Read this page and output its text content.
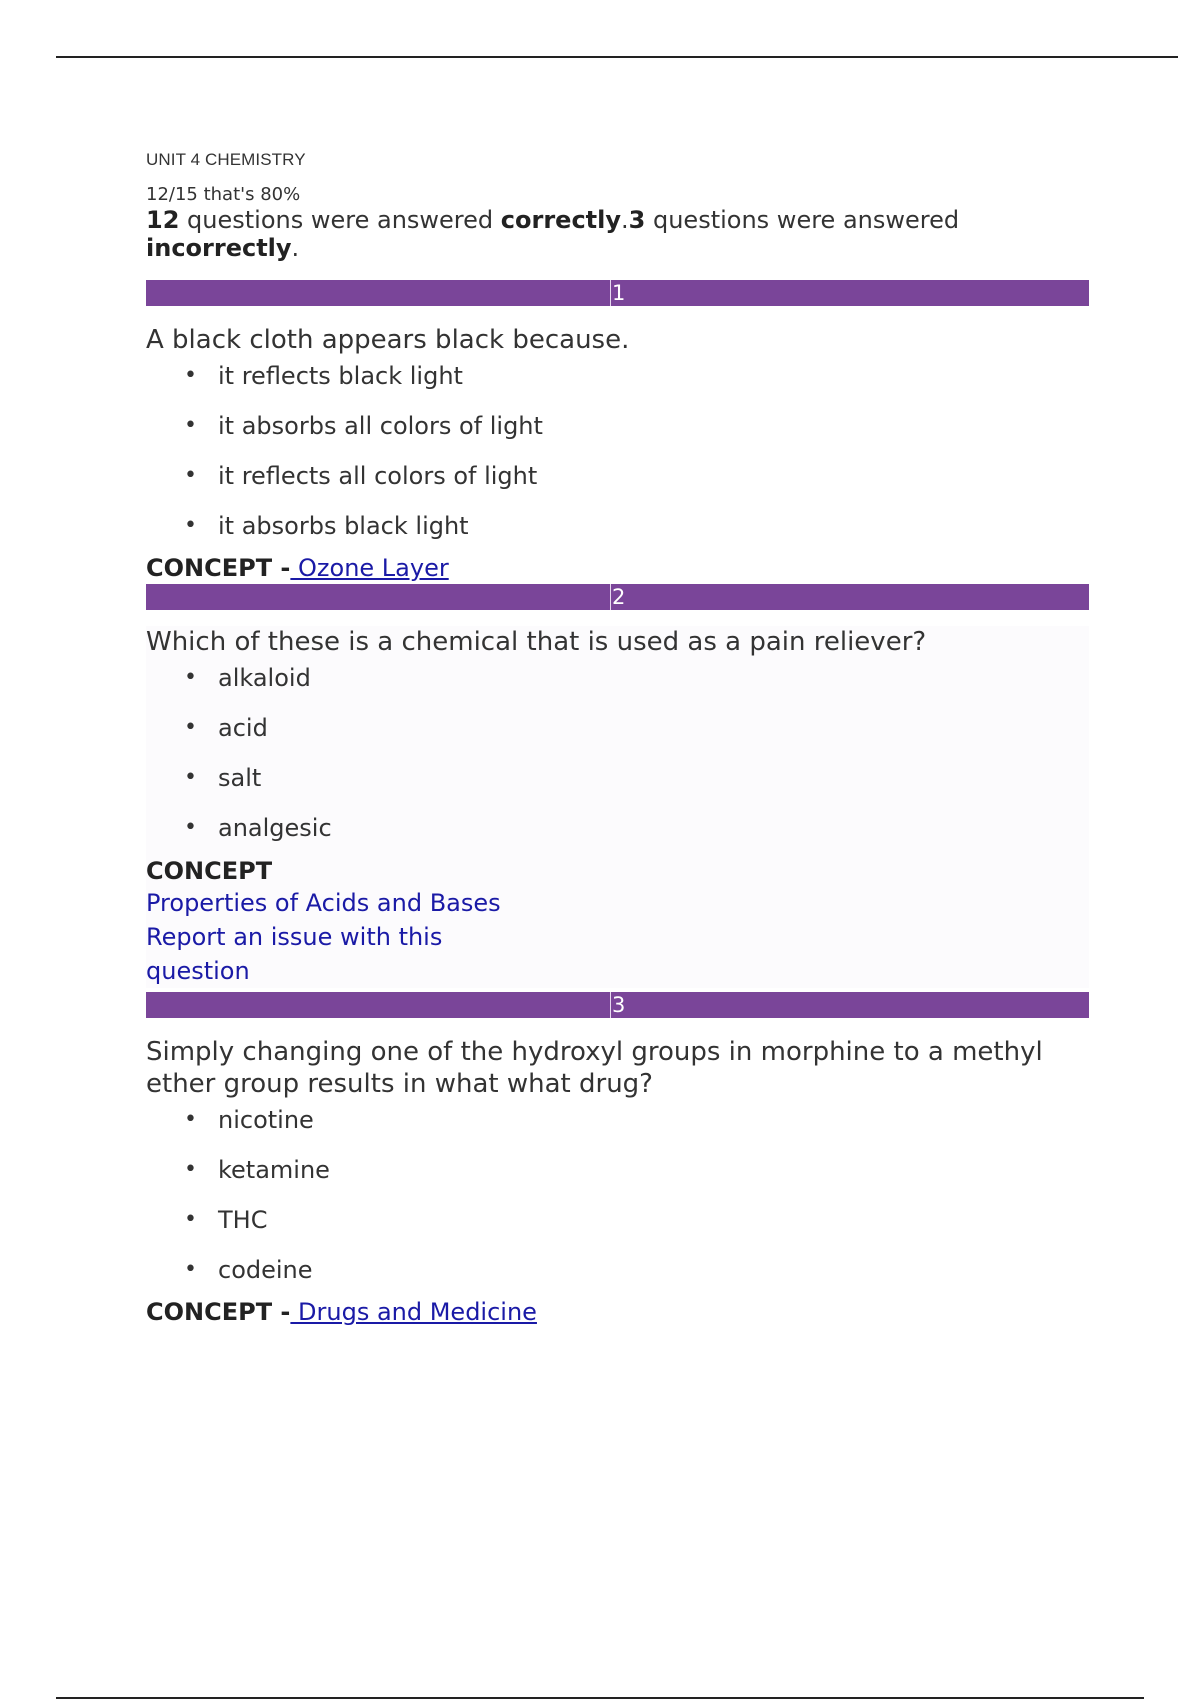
UNIT 4 CHEMISTRY
12/15 that's 80%
12 questions were answered correctly.3 questions were answered incorrectly.
1
A black cloth appears black because.
• it reflects black light
• it absorbs all colors of light
• it reflects all colors of light
• it absorbs black light

CONCEPT - Ozone Layer

2
Which of these is a chemical that is used as a pain reliever?
• alkaloid
• acid
• salt
• analgesic
CONCEPT
Properties of Acids and Bases Report an issue with this question
3
Simply changing one of the hydroxyl groups in morphine to a methyl ether group results in what what drug?
• nicotine
• ketamine
• THC
• codeine

CONCEPT - Drugs and Medicine
